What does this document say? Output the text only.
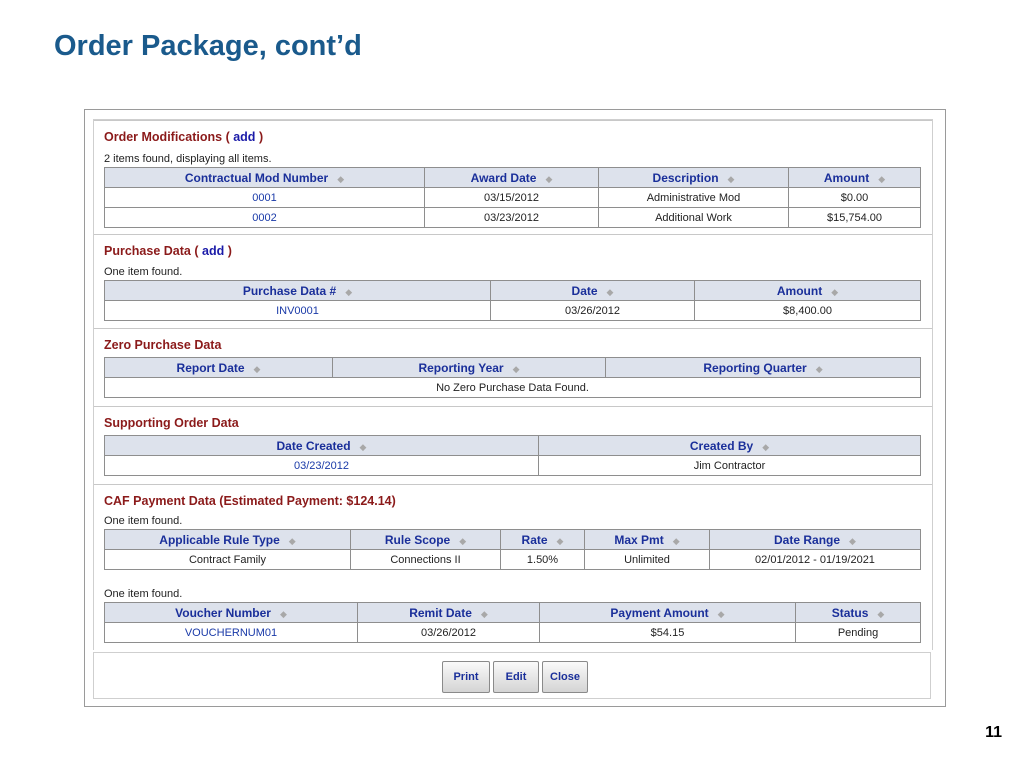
Order Package, cont’d
Order Modifications ( add )
2 items found, displaying all items.
Contractual Mod Number ◆	Award Date ◆	Description ◆	Amount ◆
0001	03/15/2012	Administrative Mod	$0.00
0002	03/23/2012	Additional Work	$15,754.00
Purchase Data ( add )
One item found.
Purchase Data # ◆	Date ◆	Amount ◆
INV0001	03/26/2012	$8,400.00
Zero Purchase Data
Report Date ◆	Reporting Year ◆	Reporting Quarter ◆
No Zero Purchase Data Found.
Supporting Order Data
Date Created ◆	Created By ◆
03/23/2012	Jim Contractor
CAF Payment Data (Estimated Payment: $124.14)
One item found.
Applicable Rule Type ◆	Rule Scope ◆	Rate ◆	Max Pmt ◆	Date Range ◆
Contract Family	Connections II	1.50%	Unlimited	02/01/2012 - 01/19/2021
One item found.
Voucher Number ◆	Remit Date ◆	Payment Amount ◆	Status ◆
VOUCHERNUM01	03/26/2012	$54.15	Pending
Print	Edit	Close
11
